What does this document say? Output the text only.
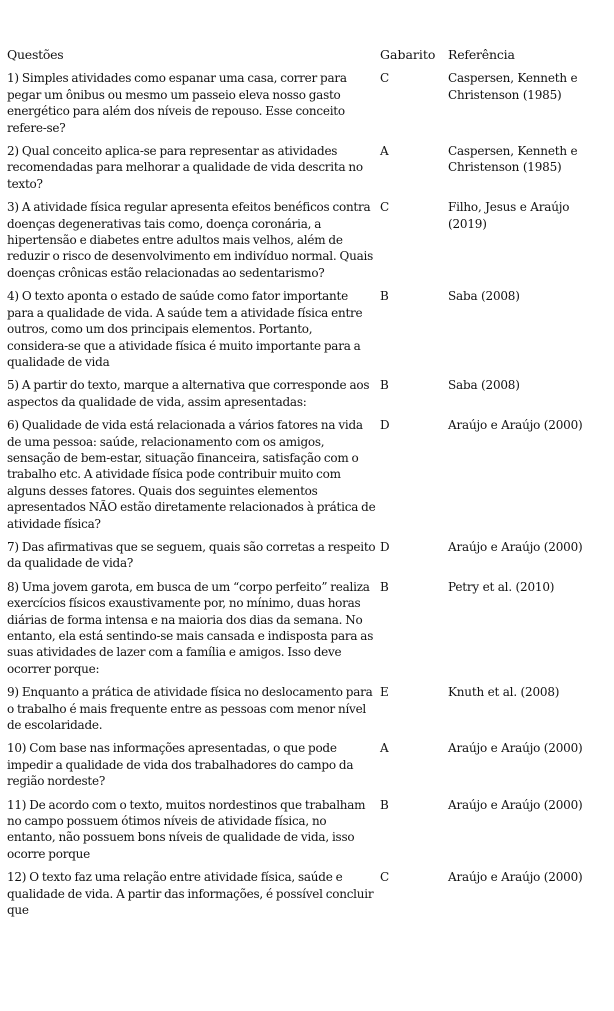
Questões	Gabarito	Referência
1) Simples atividades como espanar uma casa, correr para pegar um ônibus ou mesmo um passeio eleva nosso gasto energético para além dos níveis de repouso. Esse conceito refere-se?
C	Caspersen, Kenneth e Christenson (1985)
2) Qual conceito aplica-se para representar as atividades recomendadas para melhorar a qualidade de vida descrita no texto?
A	Caspersen, Kenneth e Christenson (1985)
3) A atividade física regular apresenta efeitos benéficos contra doenças degenerativas tais como, doença coronária, a hipertensão e diabetes entre adultos mais velhos, além de reduzir o risco de desenvolvimento em indivíduo normal. Quais doenças crônicas estão relacionadas ao sedentarismo?
C	Filho, Jesus e Araújo (2019)
4) O texto aponta o estado de saúde como fator importante para a qualidade de vida. A saúde tem a atividade física entre outros, como um dos principais elementos. Portanto, considera-se que a atividade física é muito importante para a qualidade de vida
B	Saba (2008)
5) A partir do texto, marque a alternativa que corresponde aos aspectos da qualidade de vida, assim apresentadas:
B	Saba (2008)
6) Qualidade de vida está relacionada a vários fatores na vida de uma pessoa: saúde, relacionamento com os amigos, sensação de bem-estar, situação financeira, satisfação com o trabalho etc. A atividade física pode contribuir muito com alguns desses fatores. Quais dos seguintes elementos apresentados NÃO estão diretamente relacionados à prática de atividade física?
D	Araújo e Araújo (2000)
7) Das afirmativas que se seguem, quais são corretas a respeito da qualidade de vida?
D	Araújo e Araújo (2000)
8) Uma jovem garota, em busca de um “corpo perfeito” realiza exercícios físicos exaustivamente por, no mínimo, duas horas diárias de forma intensa e na maioria dos dias da semana. No entanto, ela está sentindo-se mais cansada e indisposta para as suas atividades de lazer com a família e amigos. Isso deve ocorrer porque:
B	Petry et al. (2010)
9) Enquanto a prática de atividade física no deslocamento para o trabalho é mais frequente entre as pessoas com menor nível de escolaridade.
E	Knuth et al. (2008)
10) Com base nas informações apresentadas, o que pode impedir a qualidade de vida dos trabalhadores do campo da região nordeste?
A	Araújo e Araújo (2000)
11) De acordo com o texto, muitos nordestinos que trabalham no campo possuem ótimos níveis de atividade física, no entanto, não possuem bons níveis de qualidade de vida, isso ocorre porque
B	Araújo e Araújo (2000)
12) O texto faz uma relação entre atividade física, saúde e qualidade de vida. A partir das informações, é possível concluir que
C	Araújo e Araújo (2000)
